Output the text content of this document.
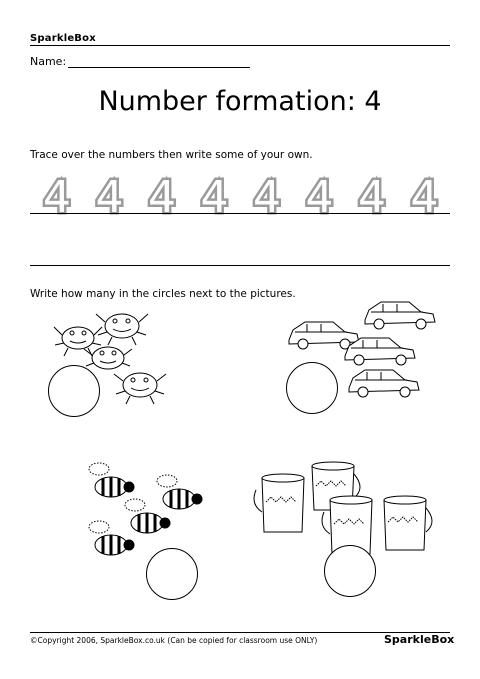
SparkleBox
Name:
Number formation: 4
Trace over the numbers then write some of your own.
4 4 4 4 4 4 4 4
Write how many in the circles next to the pictures.
©Copyright 2006, SparkleBox.co.uk (Can be copied for classroom use ONLY)	SparkleBox
